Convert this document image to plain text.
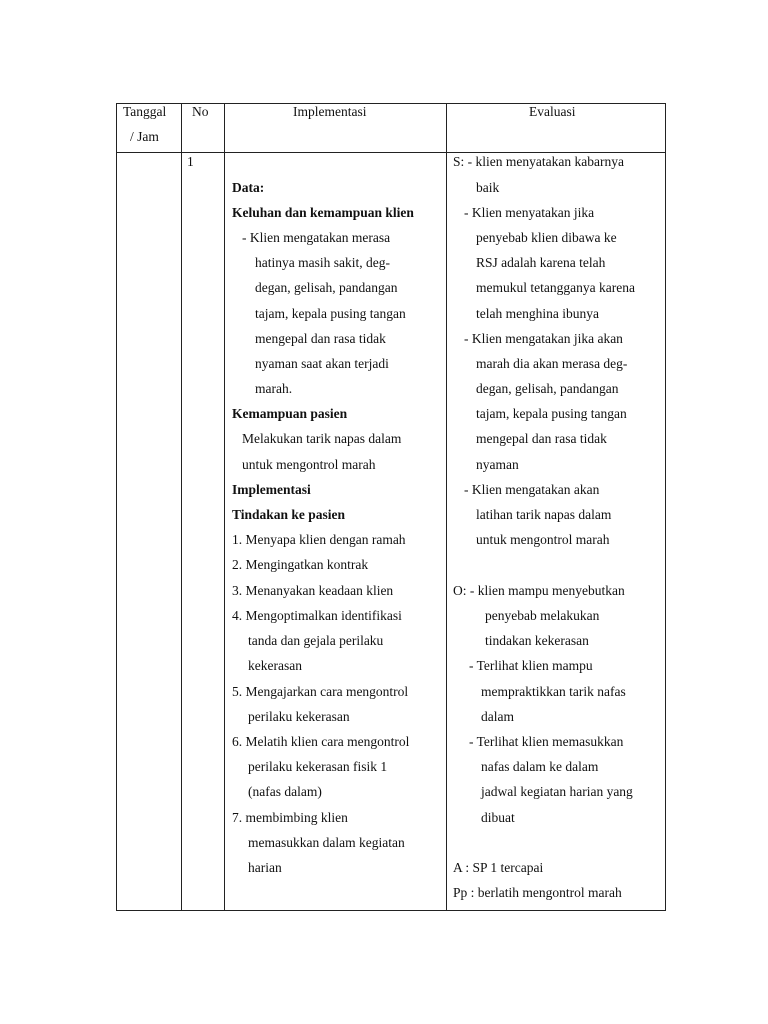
Tanggal
/ Jam
No	Implementasi	Evaluasi
1
Data:
Keluhan dan kemampuan klien
- Klien mengatakan merasa
hatinya masih sakit, deg-
degan, gelisah, pandangan
tajam, kepala pusing tangan
mengepal dan rasa tidak
nyaman saat akan terjadi
marah.
Kemampuan pasien
Melakukan tarik napas dalam
untuk mengontrol marah
Implementasi
Tindakan ke pasien
1. Menyapa klien dengan ramah
2. Mengingatkan kontrak
3. Menanyakan keadaan klien
4. Mengoptimalkan identifikasi
tanda dan gejala perilaku
kekerasan
5. Mengajarkan cara mengontrol
perilaku kekerasan
6. Melatih klien cara mengontrol
perilaku kekerasan fisik 1
(nafas dalam)
7. membimbing klien
memasukkan dalam kegiatan
harian
S: - klien menyatakan kabarnya
baik
- Klien menyatakan jika
penyebab klien dibawa ke
RSJ adalah karena telah
memukul tetangganya karena
telah menghina ibunya
- Klien mengatakan jika akan
marah dia akan merasa deg-
degan, gelisah, pandangan
tajam, kepala pusing tangan
mengepal dan rasa tidak
nyaman
- Klien mengatakan akan
latihan tarik napas dalam
untuk mengontrol marah
O: - klien mampu menyebutkan
penyebab melakukan
tindakan kekerasan
- Terlihat klien mampu
mempraktikkan tarik nafas
dalam
- Terlihat klien memasukkan
nafas dalam ke dalam
jadwal kegiatan harian yang
dibuat
A : SP 1 tercapai
Pp : berlatih mengontrol marah
